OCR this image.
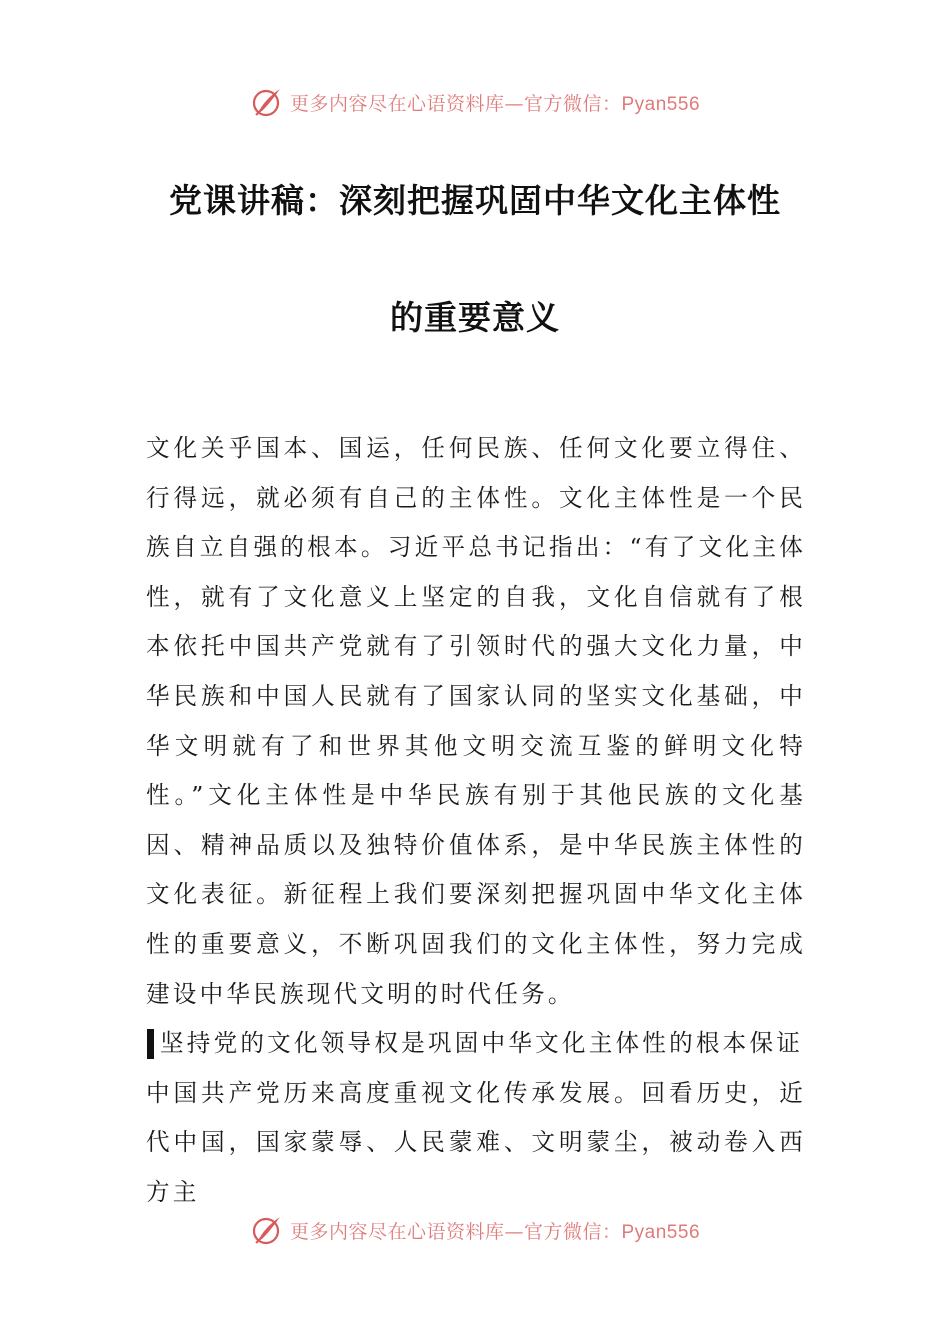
更多内容尽在心语资料库—官方微信：Pyan556
党课讲稿：深刻把握巩固中华文化主体性
的重要意义

文化关乎国本、国运，任何民族、任何文化要立得住、行得远，就必须有自己的主体性。文化主体性是一个民族自立自强的根本。习近平总书记指出：“有了文化主体性，就有了文化意义上坚定的自我，文化自信就有了根本依托中国共产党就有了引领时代的强大文化力量，中华民族和中国人民就有了国家认同的坚实文化基础，中华文明就有了和世界其他文明交流互鉴的鲜明文化特性。”文化主体性是中华民族有别于其他民族的文化基因、精神品质以及独特价值体系，是中华民族主体性的文化表征。新征程上我们要深刻把握巩固中华文化主体性的重要意义，不断巩固我们的文化主体性，努力完成建设中华民族现代文明的时代任务。

坚持党的文化领导权是巩固中华文化主体性的根本保证

中国共产党历来高度重视文化传承发展。回看历史，近代中国，国家蒙辱、人民蒙难、文明蒙尘，被动卷入西方主

更多内容尽在心语资料库—官方微信：Pyan556
